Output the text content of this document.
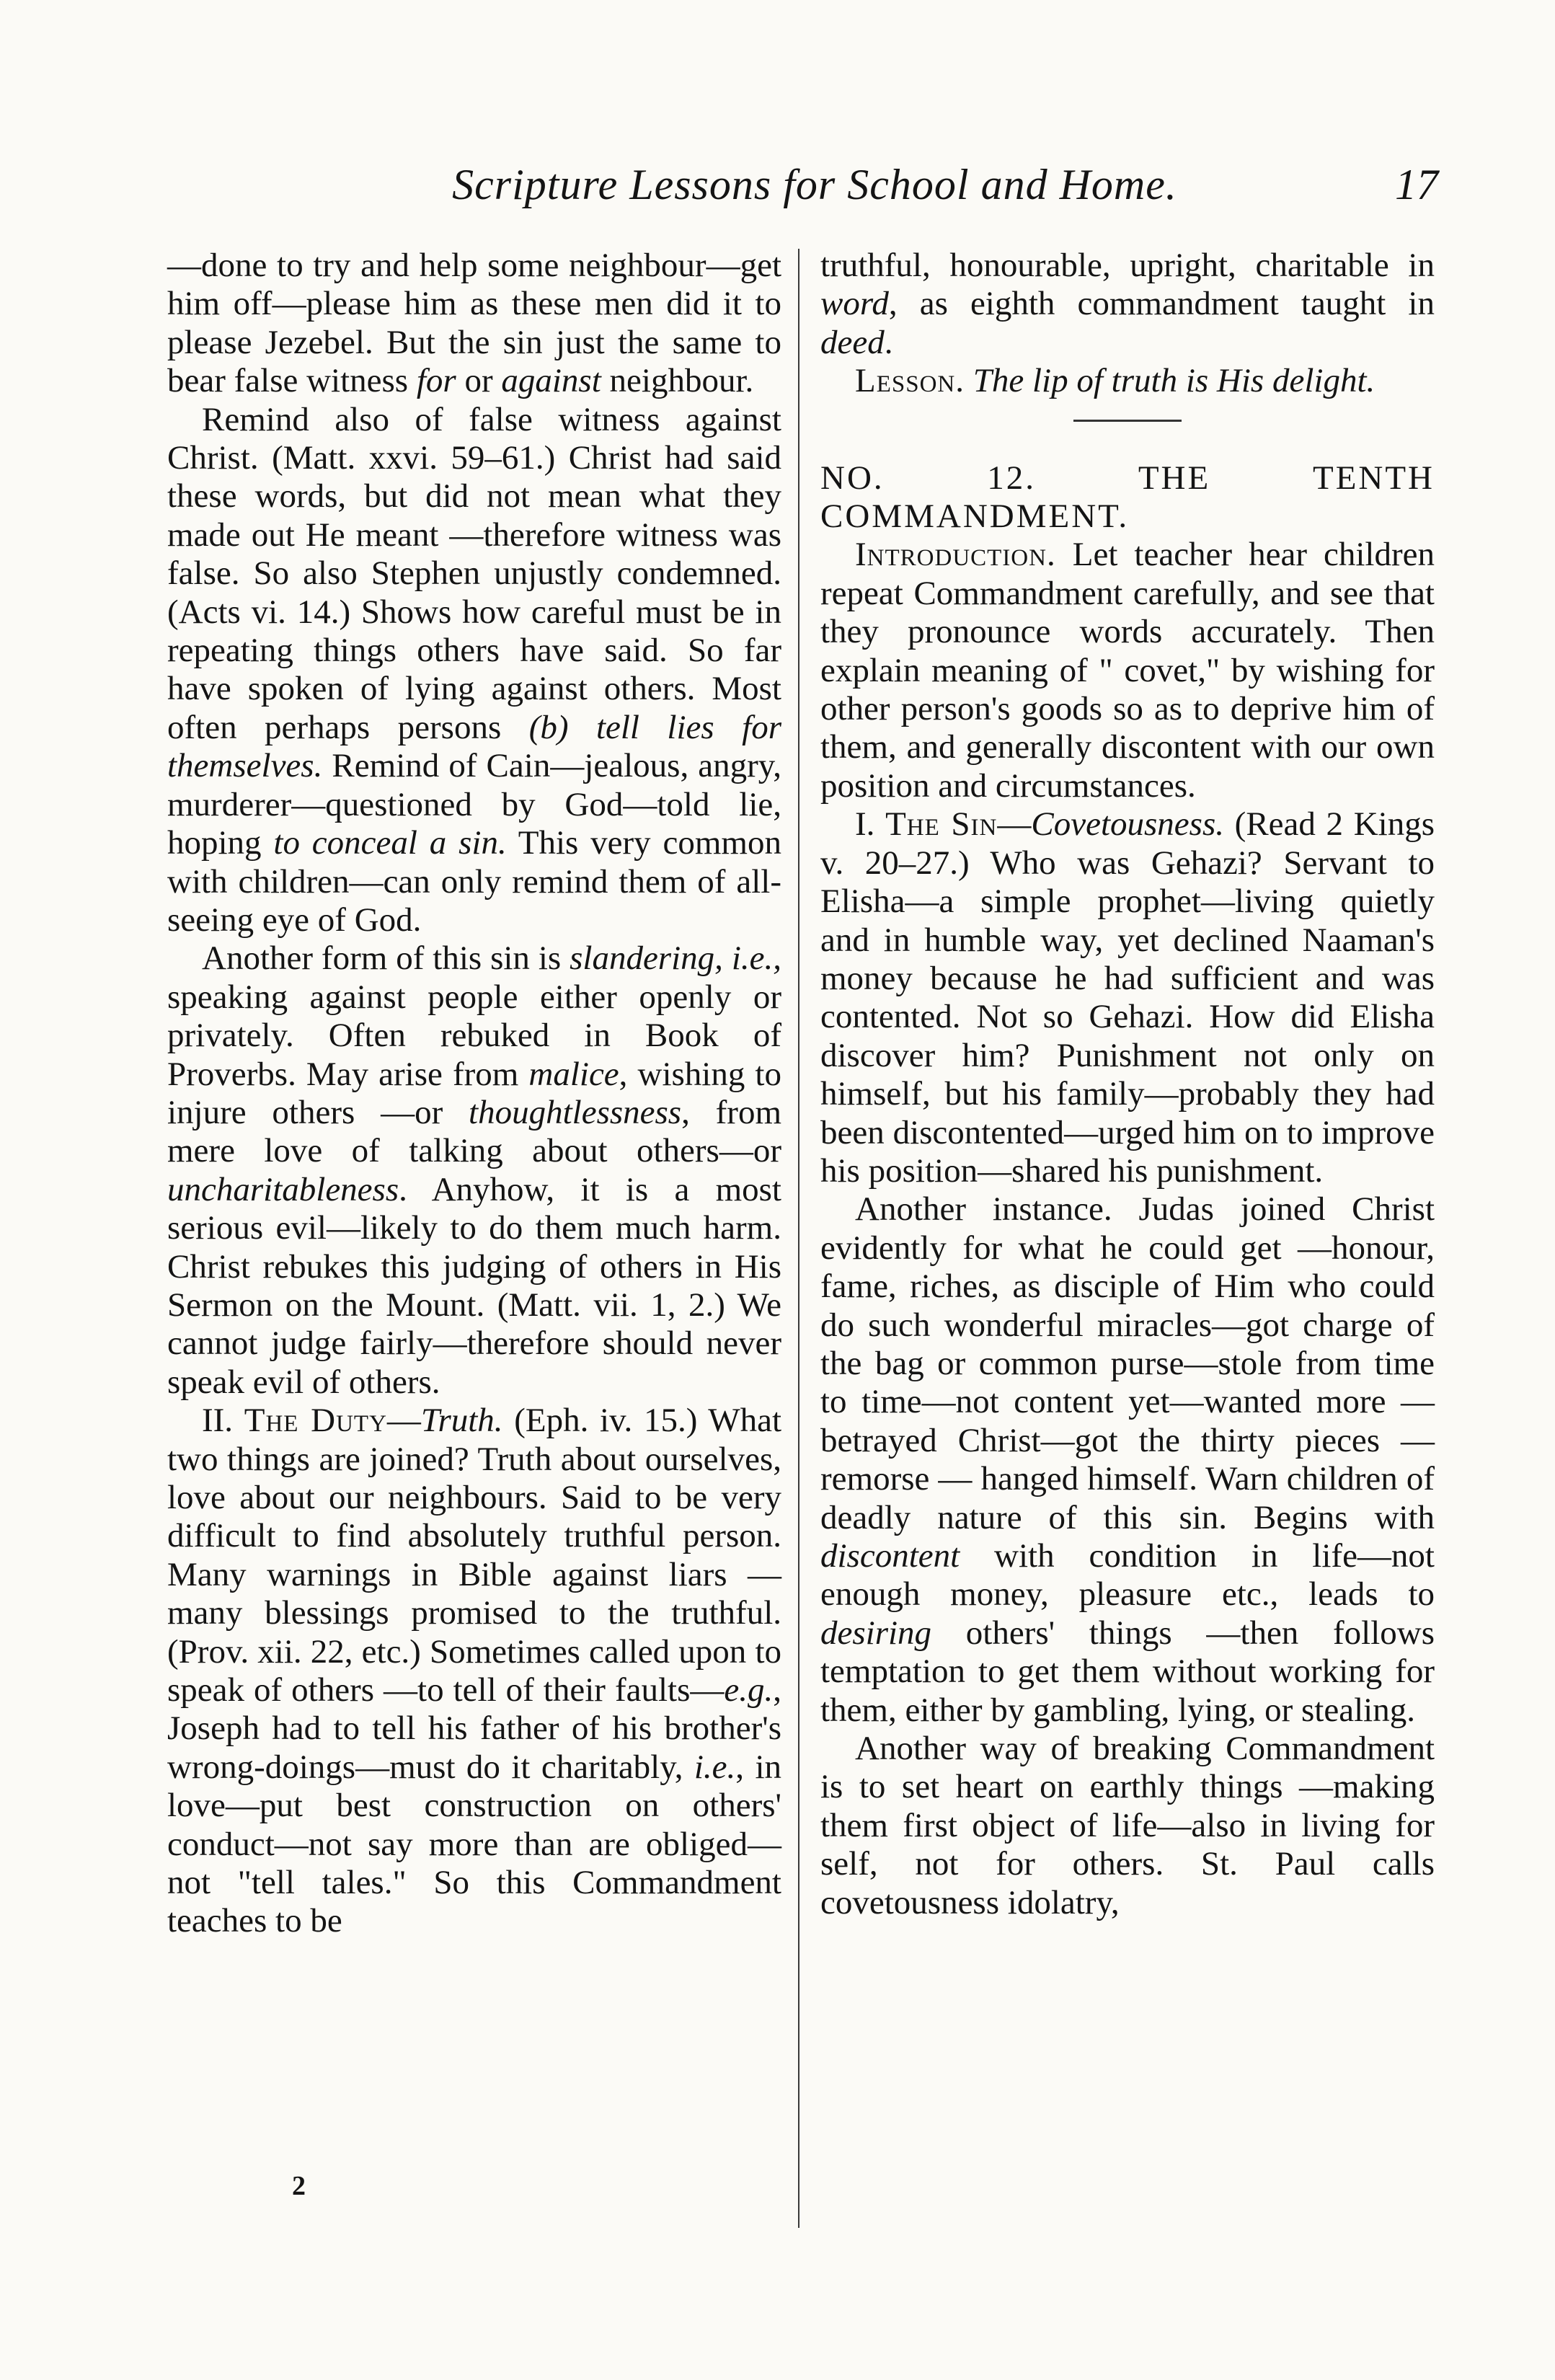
Scripture Lessons for School and Home.	17

—done to try and help some neighbour—get him off—please him as these men did it to please Jezebel. But the sin just the same to bear false witness for or against neighbour.

Remind also of false witness against Christ. (Matt. xxvi. 59–61.) Christ had said these words, but did not mean what they made out He meant —therefore witness was false. So also Stephen unjustly condemned. (Acts vi. 14.) Shows how careful must be in repeating things others have said. So far have spoken of lying against others. Most often perhaps persons (b) tell lies for themselves. Remind of Cain—jealous, angry, murderer—questioned by God—told lie, hoping to conceal a sin. This very common with children—can only remind them of all-seeing eye of God.

Another form of this sin is slandering, i.e., speaking against people either openly or privately. Often rebuked in Book of Proverbs. May arise from malice, wishing to injure others —or thoughtlessness, from mere love of talking about others—or uncharitableness. Anyhow, it is a most serious evil—likely to do them much harm. Christ rebukes this judging of others in His Sermon on the Mount. (Matt. vii. 1, 2.) We cannot judge fairly—therefore should never speak evil of others.

II. The Duty—Truth. (Eph. iv. 15.) What two things are joined? Truth about ourselves, love about our neighbours. Said to be very difficult to find absolutely truthful person. Many warnings in Bible against liars —many blessings promised to the truthful. (Prov. xii. 22, etc.) Sometimes called upon to speak of others —to tell of their faults—e.g., Joseph had to tell his father of his brother's wrong-doings—must do it charitably, i.e., in love—put best construction on others' conduct—not say more than are obliged—not "tell tales." So this Commandment teaches to be

truthful, honourable, upright, charitable in word, as eighth commandment taught in deed.

Lesson. The lip of truth is His delight.

NO. 12. THE TENTH COMMANDMENT.

Introduction. Let teacher hear children repeat Commandment carefully, and see that they pronounce words accurately. Then explain meaning of " covet," by wishing for other person's goods so as to deprive him of them, and generally discontent with our own position and circumstances.

I. The Sin—Covetousness. (Read 2 Kings v. 20–27.) Who was Gehazi? Servant to Elisha—a simple prophet—living quietly and in humble way, yet declined Naaman's money because he had sufficient and was contented. Not so Gehazi. How did Elisha discover him? Punishment not only on himself, but his family—probably they had been discontented—urged him on to improve his position—shared his punishment.

Another instance. Judas joined Christ evidently for what he could get —honour, fame, riches, as disciple of Him who could do such wonderful miracles—got charge of the bag or common purse—stole from time to time—not content yet—wanted more —betrayed Christ—got the thirty pieces — remorse — hanged himself. Warn children of deadly nature of this sin. Begins with discontent with condition in life—not enough money, pleasure etc., leads to desiring others' things —then follows temptation to get them without working for them, either by gambling, lying, or stealing.

Another way of breaking Commandment is to set heart on earthly things —making them first object of life—also in living for self, not for others. St. Paul calls covetousness idolatry,

2
